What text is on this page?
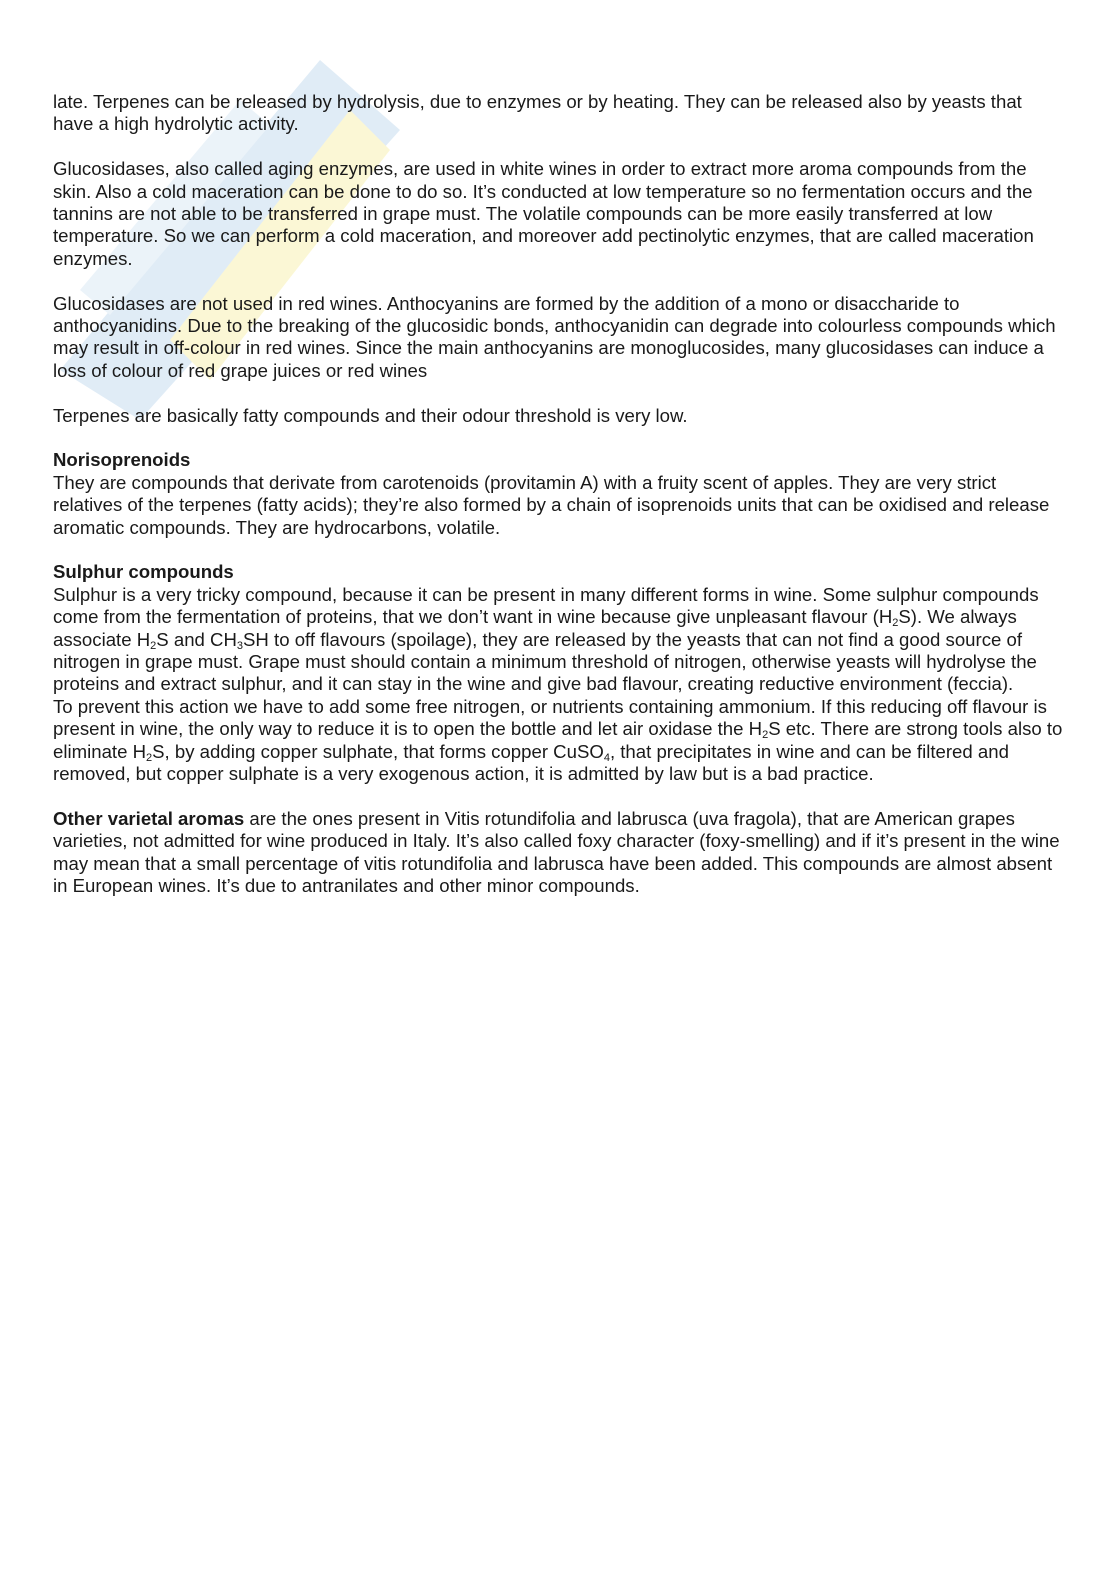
late. Terpenes can be released by hydrolysis, due to enzymes or by heating. They can be released also by yeasts that have a high hydrolytic activity.

Glucosidases, also called aging enzymes, are used in white wines in order to extract more aroma compounds from the skin. Also a cold maceration can be done to do so. It’s conducted at low temperature so no fermentation occurs and the tannins are not able to be transferred in grape must. The volatile compounds can be more easily transferred at low temperature. So we can perform a cold maceration, and moreover add pectinolytic enzymes, that are called maceration enzymes.

Glucosidases are not used in red wines. Anthocyanins are formed by the addition of a mono or disaccharide to anthocyanidins. Due to the breaking of the glucosidic bonds, anthocyanidin can degrade into colourless compounds which may result in off-colour in red wines. Since the main anthocyanins are monoglucosides, many glucosidases can induce a loss of colour of red grape juices or red wines

Terpenes are basically fatty compounds and their odour threshold is very low.

Norisoprenoids
They are compounds that derivate from carotenoids (provitamin A) with a fruity scent of apples. They are very strict relatives of the terpenes (fatty acids); they’re also formed by a chain of isoprenoids units that can be oxidised and release aromatic compounds. They are hydrocarbons, volatile.

Sulphur compounds
Sulphur is a very tricky compound, because it can be present in many different forms in wine. Some sulphur compounds come from the fermentation of proteins, that we don’t want in wine because give unpleasant flavour $(H_2S)$. We always associate $H_2S$ and $CH_3SH$ to off flavours (spoilage), they are released by the yeasts that can not find a good source of nitrogen in grape must. Grape must should contain a minimum threshold of nitrogen, otherwise yeasts will hydrolyse the proteins and extract sulphur, and it can stay in the wine and give bad flavour, creating reductive environment (feccia).

To prevent this action we have to add some free nitrogen, or nutrients containing ammonium. If this reducing off flavour is present in wine, the only way to reduce it is to open the bottle and let air oxidase the $H_2S$ etc. There are strong tools also to eliminate $H_2S$, by adding copper sulphate, that forms copper CuSO$_4$, that precipitates in wine and can be filtered and removed, but copper sulphate is a very exogenous action, it is admitted by law but is a bad practice.

Other varietal aromas are the ones present in Vitis rotundifolia and labrusca (uva fragola), that are American grapes varieties, not admitted for wine produced in Italy. It’s also called foxy character (foxy-smelling) and if it’s present in the wine may mean that a small percentage of vitis rotundifolia and labrusca have been added. This compounds are almost absent in European wines. It’s due to antranilates and other minor compounds.
